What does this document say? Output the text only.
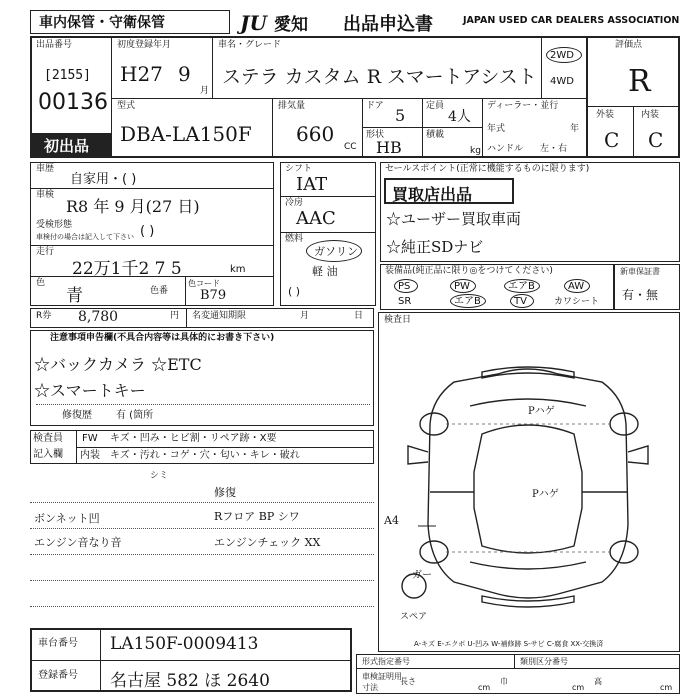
車内保管・守衛保管	JU 愛知 出品申込書	JAPAN USED CAR DEALERS ASSOCIATION
出品番号
[2155]
00136
初出品
初度登録年月
H27 9
月
車名・グレード
ステラ カスタム R スマートアシスト
2WD
4WD
評価点
R
外装	内装
C C
型式
DBA-LA150F
排気量
660
CC
ドア 5 定員
4人
形状
HB
積載
kg
ディーラー・並行
年式	年
ハンドル 左・右
車歴
自家用・( )
車検
R8 年 9 月(27 日)
受検形態
車検付の場合は記入して下さい ( )
走行
22万1千2 7 5	km
色
青	色番
色コード
B79
シフト
IAT
冷房
AAC
燃料
ガソリン
軽 油
( )
セールスポイント(正常に機能するものに限ります)
買取店出品
☆ユーザー買取車両
☆純正SDナビ
装備品(純正品に限り◎をつけてください)
PS	PW	エアB	AW
SR	エアB	TV	カワシート
新車保証書
有・無
R券 8,780	円 名変通知期限	月	日
注意事項申告欄(不具合内容等は具体的にお書き下さい)
☆バックカメラ ☆ETC
☆スマートキー
修復歴 有 (箇所
検査員
記入欄
FW キズ・凹み・ヒビ割・リペア跡・X要
内装 キズ・汚れ・コゲ・穴・匂い・キレ・破れ
シミ
修復
ボンネット凹	Rフロア BP シワ
エンジン音なり音	エンジンチェック XX
検査日
Pハゲ
Pハゲ
A4
ガー
スペア
A-キズ E-エクボ U-凹み W-補修跡 S-サビ C-腐食 XX-交換済
車台番号 LA150F-0009413
登録番号 名古屋 582 ほ 2640
形式指定番号	類別区分番号
車検証明用
寸法
長さ
cm
巾
cm
高
cm
